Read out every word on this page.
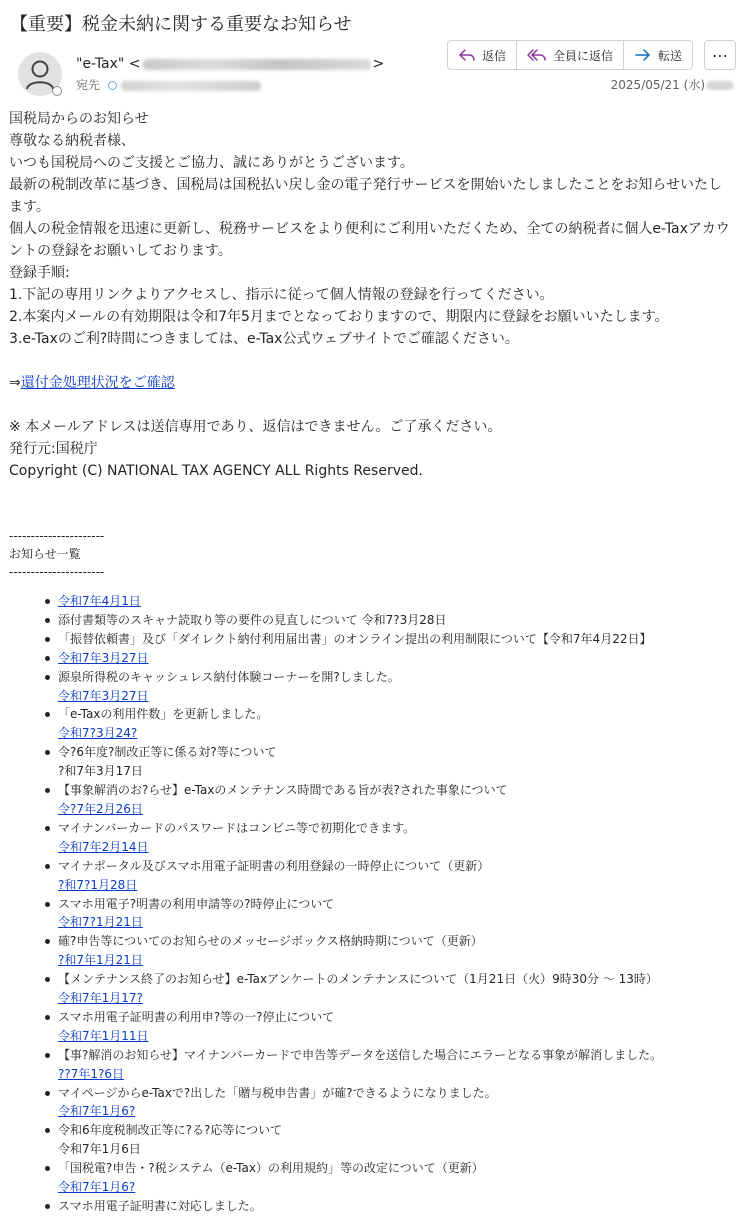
【重要】税金未納に関する重要なお知らせ
"e-Tax" <	>
宛先
返信	全員に返信	転送 ⋯
2025/05/21 (水)

国税局からのお知らせ

尊敬なる納税者様、

いつも国税局へのご支援とご協力、誠にありがとうございます。

最新の税制改革に基づき、国税局は国税払い戻し金の電子発行サービスを開始いたしましたことをお知らせいたします。

個人の税金情報を迅速に更新し、税務サービスをより便利にご利用いただくため、全ての納税者に個人e-Taxアカウントの登録をお願いしております。

登録手順:

1.下記の専用リンクよりアクセスし、指示に従って個人情報の登録を行ってください。

2.本案内メールの有効期限は令和7年5月までとなっておりますので、期限内に登録をお願いいたします。

3.e-Taxのご利?時間につきましては、e-Tax公式ウェブサイトでご確認ください。

⇒還付金処理状況をご確認

※ 本メールアドレスは送信専用であり、返信はできません。ご了承ください。

発行元:国税庁

Copyright (C) NATIONAL TAX AGENCY ALL Rights Reserved.

----------------------

お知らせ一覧

----------------------

令和7年4月1日
添付書類等のスキャナ読取り等の要件の見直しについて 令和7?3月28日
「振替依頼書」及び「ダイレクト納付利用届出書」のオンライン提出の利用制限について【令和7年4月22日】
令和7年3月27日
源泉所得税のキャッシュレス納付体験コーナーを開?しました。
令和7年3月27日
「e-Taxの利用件数」を更新しました。
令和7?3月24?
令?6年度?制改正等に係る対?等について
?和7年3月17日
【事象解消のお?らせ】e-Taxのメンテナンス時間である旨が表?された事象について
令?7年2月26日
マイナンバーカードのパスワードはコンビニ等で初期化できます。
令和7年2月14日
マイナポータル及びスマホ用電子証明書の利用登録の一時停止について（更新）
?和7?1月28日
スマホ用電子?明書の利用申請等の?時停止について
令和7?1月21日
確?申告等についてのお知らせのメッセージボックス格納時期について（更新）
?和7年1月21日
【メンテナンス終了のお知らせ】e-Taxアンケートのメンテナンスについて（1月21日（火）9時30分 〜 13時）
令和7年1月17?
スマホ用電子証明書の利用申?等の一?停止について
令和7年1月11日
【事?解消のお知らせ】マイナンバーカードで申告等データを送信した場合にエラーとなる事象が解消しました。
??7年1?6日
マイページからe-Taxで?出した「贈与税申告書」が確?できるようになりました。
令和7年1月6?
令和6年度税制改正等に?る?応等について
令和7年1月6日
「国税電?申告・?税システム（e-Tax）の利用規約」等の改定について（更新）
令和7年1月6?
スマホ用電子証明書に対応しました。
